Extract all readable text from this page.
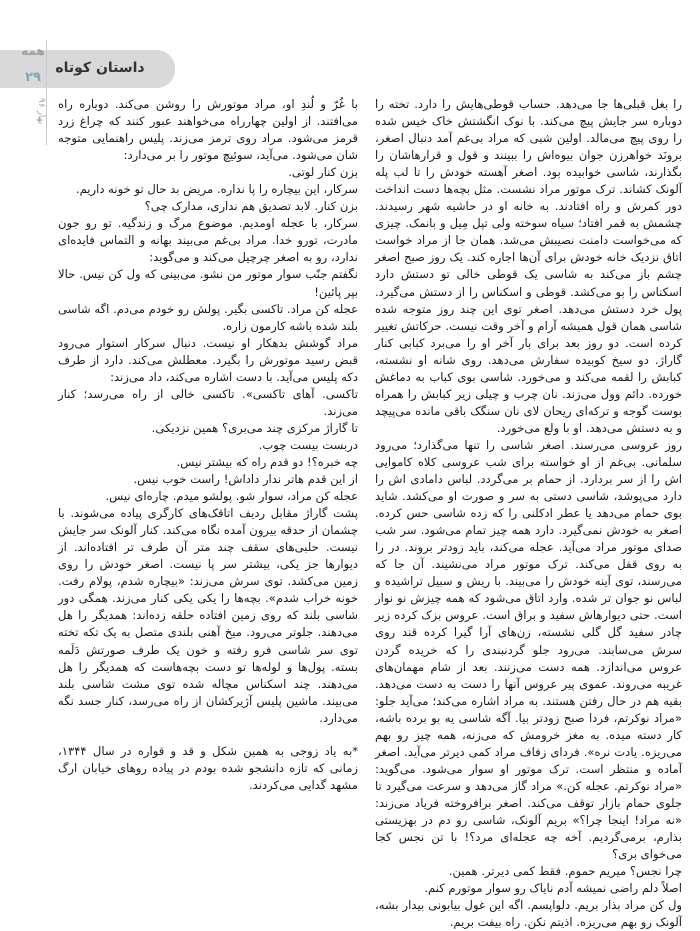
داستان کوتاه
همه
۲۹
بهار ۹۶

را بغل قبلی‌ها جا می‌دهد. حساب قوطی‌هایش را دارد. تخته را دوباره سر جایش پیچ می‌کند. با نوک انگشتش خاک خیس شده را روی پیچ می‌مالد. اولین شبی که مراد بی‌غم آمد دنبال اصغر، برونَد خواهرزن جوان بیوه‌اش را ببینند و قول و قرارهاشان را بگذارند، شاسی خوابیده بود. اصغر آهسته خودش را تا لب پله آلونک کشاند. ترک موتور مراد نشست. مثل بچه‌ها دست انداخت دور کمرش و راه افتادند. به خانه او در حاشیه شهر رسیدند. چشمش به قمر افتاد؛ سیاه سوخته ولی تپل مِیل و بانمک. چیزی که می‌خواست دامنت نصیبش می‌شد. همان جا از مراد خواست اتاق نزدیک خانه خودش برای آن‌ها اجاره کند. یک روز صبح اصغر چشم باز می‌کند به شاسی یک قوطی خالی تو دستش دارد اسکناس را بو می‌کشد. قوطی و اسکناس را از دستش می‌گیرد. پول خرد دستش می‌دهد. اصغر توی این چند روز متوجه شده شاسی همان قول همیشه آرام و آخر وقت نیست. حرکاتش تغییر کرده است. دو روز بعد برای بار آخر او را می‌برد کبابی کنار گاراژ. دو سیخ کوبیده سفارش می‌دهد. روی شانه او نشسته، کبابش را لقمه می‌کند و می‌خورد. شاسی بوی کباب به دماغش خورده. دائم وول می‌زند. نان چرب و چیلی زیر کبابش را همراه بوست گوجه و ترکه‌ای ریحان لای نان سنگک باقی مانده می‌پیچد و به دستش می‌دهد. او با ولع می‌خورد.

روز عروسی می‌رسند. اصغر شاسی را تنها می‌گذارد؛ می‌رود سلمانی. بی‌غم از او خواسته برای شب عروسی کلاه کاموایی اش را از سر بردارد. از حمام بر می‌گردد. لباس دامادی اش را دارد می‌پوشد، شاسی دستی به سر و صورت او می‌کشد. شاید بوی حمام می‌دهد یا عطر ادکلنی را که زده شاسی حس کرده. اصغر به خودش نمی‌گیرد. دارد همه چیز تمام می‌شود. سر شب صدای موتور مراد می‌آید. عجله می‌کند، باید زودتر بروند. در را به روی قفل می‌کند. ترک موتور مراد می‌نشیند. آن جا که می‌رسند، توی آینه خودش را می‌بیند. با ریش و سبیل تراشیده و لباس نو جوان تر شده. وارد اتاق می‌شود که همه چیزش نو نوار است. حتی دیوارهاش سفید و براق است. عروس بزک کرده زیر چادر سفید گل گلی نشسته، زن‌های آرا گیرا کرده قند روی سرش می‌سابند. می‌رود جلو گردنبندی را که خریده گردن عروس می‌اندازد. همه دست می‌زنند. بعد از شام مهمان‌های غریبه می‌روند. عموی پیر عروس آنها را دست به دست می‌دهد. بقیه هم در حال رفتن هستند. به مراد اشاره می‌کند؛ می‌آید جلو: «مراد نوکرتم، فردا صبح زودتر بیا. آگه شاسی یه بو برده باشه، کار دسته میده. به مغز خرومش که می‌زنه، همه چیز رو بهم می‌ریزه. یادت نره». فردای زفاف مراد کمی دیرتر می‌آید. اصغر آماده و منتظر است. ترک موتور او سوار می‌شود. می‌گوید: «مراد نوکرتم. عجله کن.» مراد گاز می‌دهد و سرعت می‌گیرد تا جلوی حمام بازار توقف می‌کند. اصغر برافروخته فریاد می‌زند: «نه مراد! اینجا چرا؟» بریم آلونک، شاسی رو دم در بهزیستی بذارم، برمی‌گردیم. آخه چه عجله‌ای مرد؟! با تن نجس کجا می‌خوای بری؟

چرا نجس؟ میریم حموم. فقط کمی دیرتر. همین.

اصلاً دلم راضی نمیشه آدم نایاک رو سوار موتورم کنم.

ول کن مراد بذار بریم. دلواپسم. اگه این غول بیابونی بیدار بشه، آلونک رو بهم می‌ریزه. اذیتم نکن. راه بیفت بریم.

با غُرّ و لُندِ او، مراد موتورش را روشن می‌کند. دوباره راه می‌افتند. از اولین چهارراه می‌خواهند عبور کنند که چراغ زرد قرمز می‌شود. مراد روی ترمز می‌زند. پلیس راهنمایی متوجه شان می‌شود. می‌آید، سوئیچ موتور را بر می‌دارد:

بزن کنار لوتی.

سرکار، این بیچاره را پا نداره. مریض بد حال تو خونه داریم.

بزن کنار. لابد تصدیق هم نداری، مدارک چی؟

سرکار، با عجله اومدیم. موضوع مرگ و زندگیه. تو رو جون مادرت، تورو خدا. مراد بی‌غم می‌بیند بهانه و التماس فایده‌ای ندارد، رو به اصغر چرچیل می‌کند و می‌گوید:

نگفتم جنّب سوار موتور من نشو. می‌بینی که ول کن نیس. حالا بپر پائین!

عجله کن مراد. تاکسی بگیر. پولش رو خودم می‌دم. اگه شاسی بلند شده باشه کارمون زاره.

مراد گوشش بدهکار او نیست. دنبال سرکار استوار می‌رود قبض رسید موتورش را بگیرد. معطلش می‌کند. دارد از طرف دکه پلیس می‌آید. با دست اشاره می‌کند، داد می‌زند:

تاکسی. آهای تاکسی». تاکسی خالی از راه می‌رسد؛ کنار می‌زند.

تا گاراژ مرکزی چند می‌بری؟ همین نزدیکی.

دربست بیست چوب.

چه خبره؟! دو قدم راه که بیشتر نیس.

از این قدم هاتر ندار داداش! راست خوب نیس.

عجله کن مراد، سوار شو. پولشو میدم. چاره‌ای نیس.

پشت گاراژ مقابل ردیف اتاقک‌های کارگری پیاده می‌شوند. با چشمان از حدقه بیرون آمده نگاه می‌کند. کنار آلونک سر جایش نیست. حلبی‌های سقف چند متر آن طرف تر افتاده‌اند. از دیوارها جز یکی، بیشتر سر پا نیست. اصغر خودش را روی زمین می‌کشد. توی سرش می‌زند: «بیچاره شدم، پولام رفت. خونه خراب شدم». بچه‌ها را یکی یکی کنار می‌زند. همگی دور شاسی بلند که روی زمین افتاده حلقه زده‌اند: همدیگر را هل می‌دهند. جلوتر می‌رود. میخ آهنی بلندی متصل به یک تکه تخته توی سر شاسی فرو رفته و خون یک طرف صورتش دَلَمه بسته. پول‌ها و لوله‌ها تو دست بچه‌هاست که همدیگر را هل می‌دهند. چند اسکناس مچاله شده توی مشت شاسی بلند می‌بیند. ماشین پلیس آژیرکشان از راه می‌رسد، کنار جسد نگه می‌دارد.

*به یاد زوجی به همین شکل و قد و قواره در سال ۱۳۴۴، زمانی که تازه دانشجو شده بودم در پیاده روهای خیابان ارگ مشهد گدایی می‌کردند.
